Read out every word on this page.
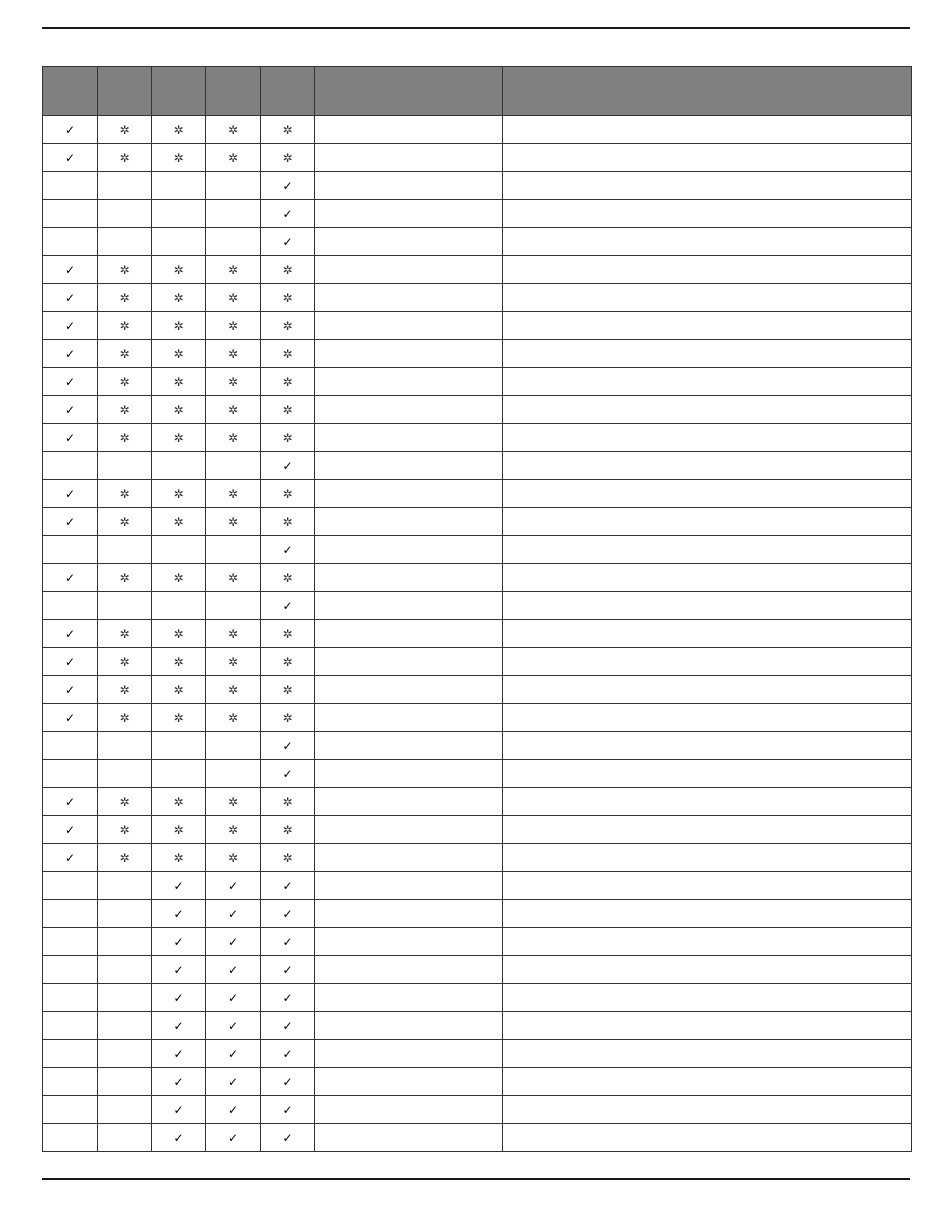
✓	✲	✲	✲	✲		
✓	✲	✲	✲	✲		
				✓		
				✓		
				✓		
✓	✲	✲	✲	✲		
✓	✲	✲	✲	✲		
✓	✲	✲	✲	✲		
✓	✲	✲	✲	✲		
✓	✲	✲	✲	✲		
✓	✲	✲	✲	✲		
✓	✲	✲	✲	✲		
				✓		
✓	✲	✲	✲	✲		
✓	✲	✲	✲	✲		
				✓		
✓	✲	✲	✲	✲		
				✓		
✓	✲	✲	✲	✲		
✓	✲	✲	✲	✲		
✓	✲	✲	✲	✲		
✓	✲	✲	✲	✲		
				✓		
				✓		
✓	✲	✲	✲	✲		
✓	✲	✲	✲	✲		
✓	✲	✲	✲	✲		
		✓	✓	✓		
		✓	✓	✓		
		✓	✓	✓		
		✓	✓	✓		
		✓	✓	✓		
		✓	✓	✓		
		✓	✓	✓		
		✓	✓	✓		
		✓	✓	✓		
		✓	✓	✓		
